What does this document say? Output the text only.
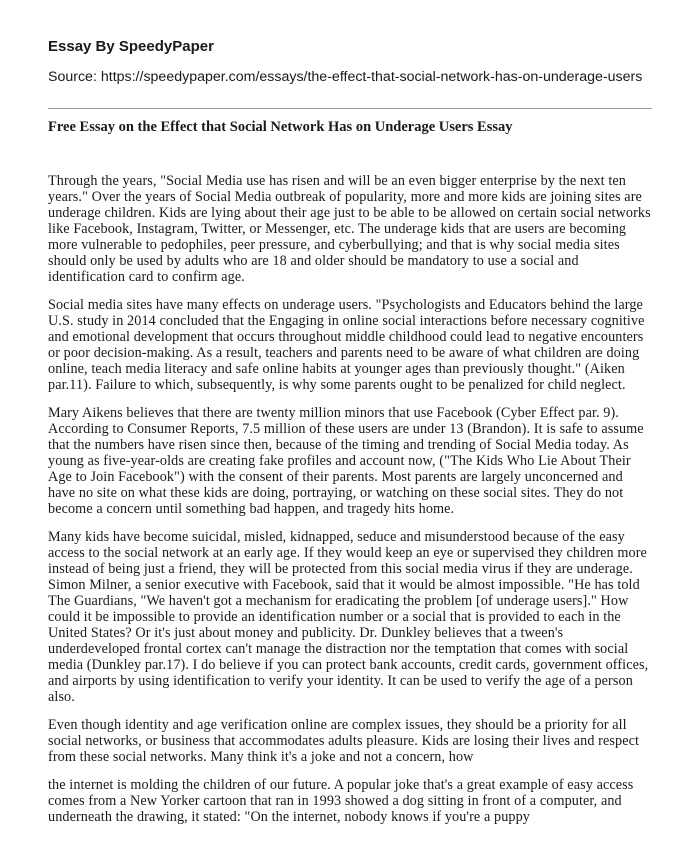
Essay By SpeedyPaper

Source: https://speedypaper.com/essays/the-effect-that-social-network-has-on-underage-users

Free Essay on the Effect that Social Network Has on Underage Users Essay

Through the years, "Social Media use has risen and will be an even bigger enterprise by the next ten years." Over the years of Social Media outbreak of popularity, more and more kids are joining sites are underage children. Kids are lying about their age just to be able to be allowed on certain social networks like Facebook, Instagram, Twitter, or Messenger, etc. The underage kids that are users are becoming more vulnerable to pedophiles, peer pressure, and cyberbullying; and that is why social media sites should only be used by adults who are 18 and older should be mandatory to use a social and identification card to confirm age.

Social media sites have many effects on underage users. "Psychologists and Educators behind the large U.S. study in 2014 concluded that the Engaging in online social interactions before necessary cognitive and emotional development that occurs throughout middle childhood could lead to negative encounters or poor decision-making. As a result, teachers and parents need to be aware of what children are doing online, teach media literacy and safe online habits at younger ages than previously thought." (Aiken par.11). Failure to which, subsequently, is why some parents ought to be penalized for child neglect.

Mary Aikens believes that there are twenty million minors that use Facebook (Cyber Effect par. 9). According to Consumer Reports, 7.5 million of these users are under 13 (Brandon). It is safe to assume that the numbers have risen since then, because of the timing and trending of Social Media today. As young as five-year-olds are creating fake profiles and account now, ("The Kids Who Lie About Their Age to Join Facebook") with the consent of their parents. Most parents are largely unconcerned and have no site on what these kids are doing, portraying, or watching on these social sites. They do not become a concern until something bad happen, and tragedy hits home.

Many kids have become suicidal, misled, kidnapped, seduce and misunderstood because of the easy access to the social network at an early age. If they would keep an eye or supervised they children more instead of being just a friend, they will be protected from this social media virus if they are underage. Simon Milner, a senior executive with Facebook, said that it would be almost impossible. "He has told The Guardians, "We haven't got a mechanism for eradicating the problem [of underage users]." How could it be impossible to provide an identification number or a social that is provided to each in the United States? Or it's just about money and publicity. Dr. Dunkley believes that a tween's underdeveloped frontal cortex can't manage the distraction nor the temptation that comes with social media (Dunkley par.17). I do believe if you can protect bank accounts, credit cards, government offices, and airports by using identification to verify your identity. It can be used to verify the age of a person also.

Even though identity and age verification online are complex issues, they should be a priority for all social networks, or business that accommodates adults pleasure. Kids are losing their lives and respect from these social networks. Many think it's a joke and not a concern, how

the internet is molding the children of our future. A popular joke that's a great example of easy access comes from a New Yorker cartoon that ran in 1993 showed a dog sitting in front of a computer, and underneath the drawing, it stated: "On the internet, nobody knows if you're a puppy
